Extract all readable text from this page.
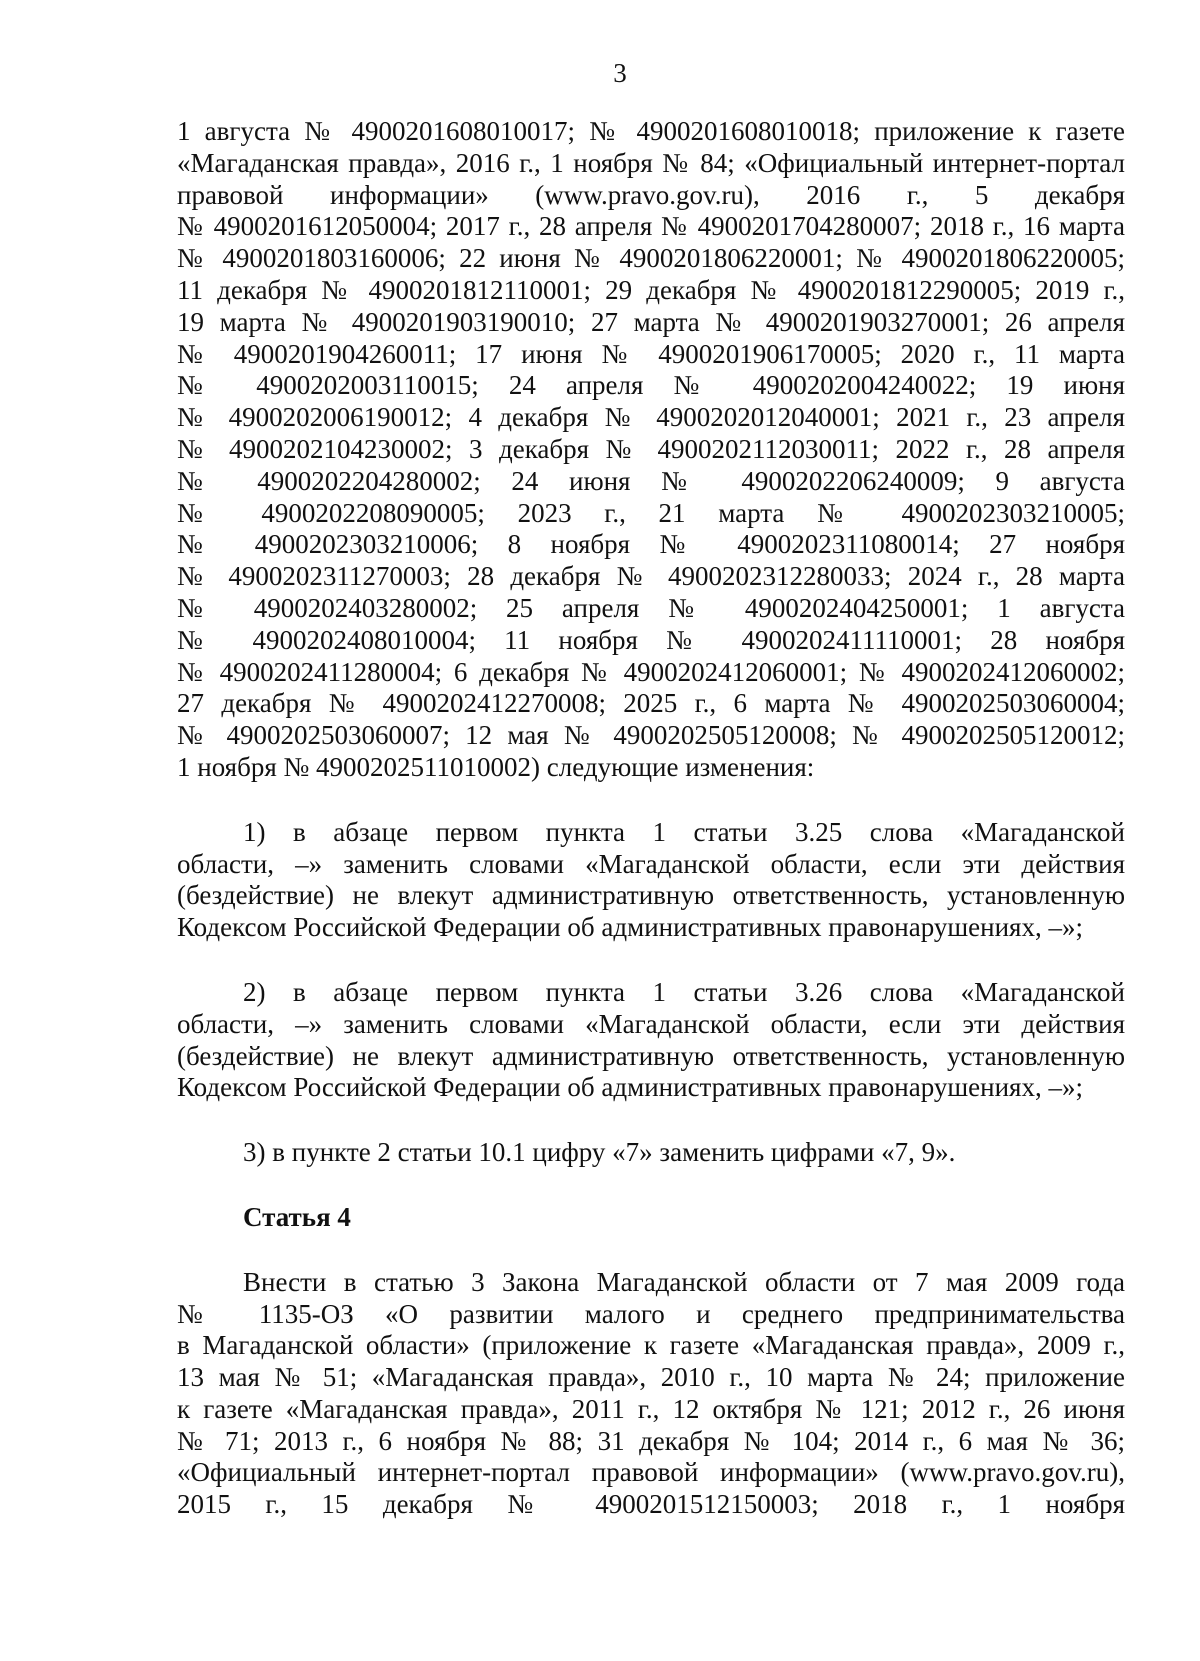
3
1 августа № 4900201608010017; № 4900201608010018; приложение к газете
«Магаданская правда», 2016 г., 1 ноября № 84; «Официальный интернет-портал
правовой информации» (www.pravo.gov.ru), 2016 г., 5 декабря
№ 4900201612050004; 2017 г., 28 апреля № 4900201704280007; 2018 г., 16 марта
№ 4900201803160006; 22 июня № 4900201806220001; № 4900201806220005;
11 декабря № 4900201812110001; 29 декабря № 4900201812290005; 2019 г.,
19 марта № 4900201903190010; 27 марта № 4900201903270001; 26 апреля
№ 4900201904260011; 17 июня № 4900201906170005; 2020 г., 11 марта
№ 4900202003110015; 24 апреля № 4900202004240022; 19 июня
№ 4900202006190012; 4 декабря № 4900202012040001; 2021 г., 23 апреля
№ 4900202104230002; 3 декабря № 4900202112030011; 2022 г., 28 апреля
№ 4900202204280002; 24 июня № 4900202206240009; 9 августа
№ 4900202208090005; 2023 г., 21 марта № 4900202303210005;
№ 4900202303210006; 8 ноября № 4900202311080014; 27 ноября
№ 4900202311270003; 28 декабря № 4900202312280033; 2024 г., 28 марта
№ 4900202403280002; 25 апреля № 4900202404250001; 1 августа
№ 4900202408010004; 11 ноября № 4900202411110001; 28 ноября
№ 4900202411280004; 6 декабря № 4900202412060001; № 4900202412060002;
27 декабря № 4900202412270008; 2025 г., 6 марта № 4900202503060004;
№ 4900202503060007; 12 мая № 4900202505120008; № 4900202505120012;
1 ноября № 4900202511010002) следующие изменения:
1) в абзаце первом пункта 1 статьи 3.25 слова «Магаданской
области, –» заменить словами «Магаданской области, если эти действия
(бездействие) не влекут административную ответственность, установленную
Кодексом Российской Федерации об административных правонарушениях, –»;
2) в абзаце первом пункта 1 статьи 3.26 слова «Магаданской
области, –» заменить словами «Магаданской области, если эти действия
(бездействие) не влекут административную ответственность, установленную
Кодексом Российской Федерации об административных правонарушениях, –»;
3) в пункте 2 статьи 10.1 цифру «7» заменить цифрами «7, 9».
Статья 4
Внести в статью 3 Закона Магаданской области от 7 мая 2009 года
№ 1135-ОЗ «О развитии малого и среднего предпринимательства
в Магаданской области» (приложение к газете «Магаданская правда», 2009 г.,
13 мая № 51; «Магаданская правда», 2010 г., 10 марта № 24; приложение
к газете «Магаданская правда», 2011 г., 12 октября № 121; 2012 г., 26 июня
№ 71; 2013 г., 6 ноября № 88; 31 декабря № 104; 2014 г., 6 мая № 36;
«Официальный интернет-портал правовой информации» (www.pravo.gov.ru),
2015 г., 15 декабря № 4900201512150003; 2018 г., 1 ноября
